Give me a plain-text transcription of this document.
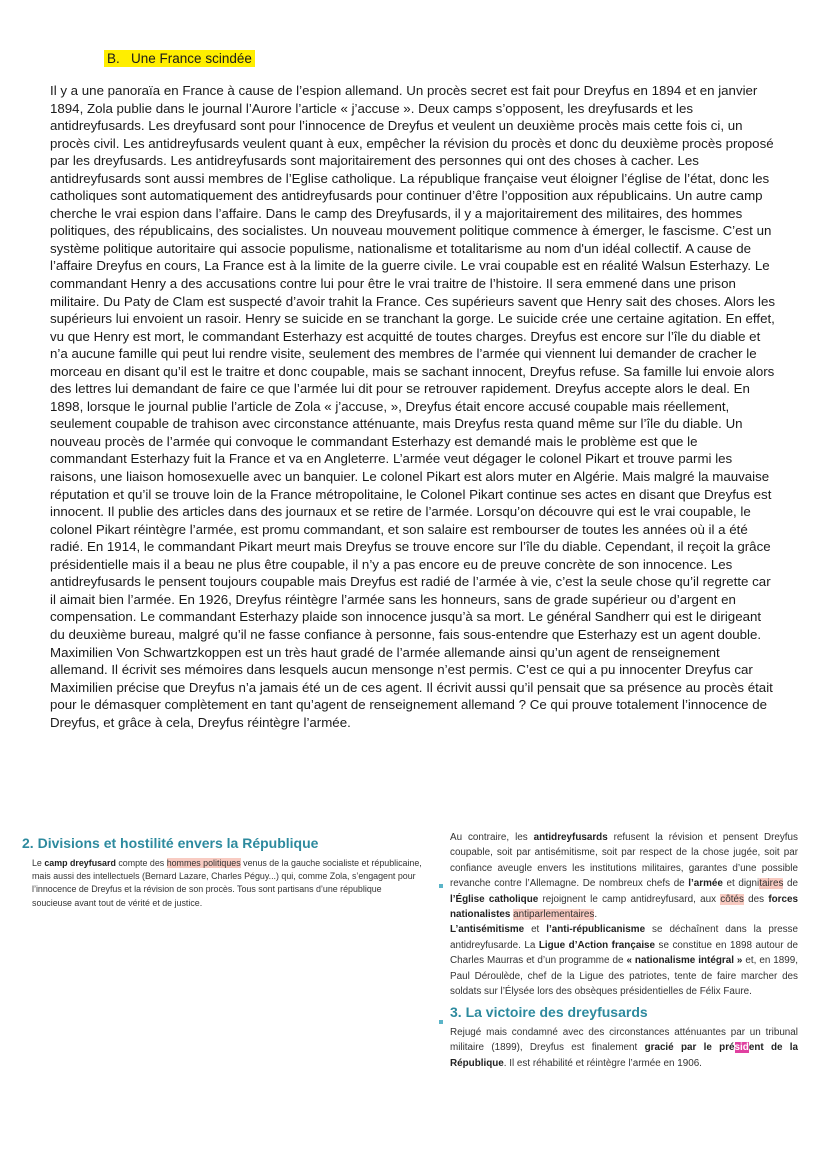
B. Une France scindée

Il y a une panoraïa en France à cause de l’espion allemand. Un procès secret est fait pour Dreyfus en 1894 et en janvier 1894, Zola publie dans le journal l’Aurore l’article « j’accuse ». Deux camps s’opposent, les dreyfusards et les antidreyfusards. Les dreyfusard sont pour l’innocence de Dreyfus et veulent un deuxième procès mais cette fois ci, un procès civil. Les antidreyfusards veulent quant à eux, empêcher la révision du procès et donc du deuxième procès proposé par les dreyfusards. Les antidreyfusards sont majoritairement des personnes qui ont des choses à cacher. Les antidreyfusards sont aussi membres de l’Eglise catholique. La république française veut éloigner l’église de l’état, donc les catholiques sont automatiquement des antidreyfusards pour continuer d’être l’opposition aux républicains. Un autre camp cherche le vrai espion dans l’affaire. Dans le camp des Dreyfusards, il y a majoritairement des militaires, des hommes politiques, des républicains, des socialistes. Un nouveau mouvement politique commence à émerger, le fascisme. C’est un système politique autoritaire qui associe populisme, nationalisme et totalitarisme au nom d'un idéal collectif. A cause de l’affaire Dreyfus en cours, La France est à la limite de la guerre civile. Le vrai coupable est en réalité Walsun Esterhazy. Le commandant Henry a des accusations contre lui pour être le vrai traitre de l’histoire. Il sera emmené dans une prison militaire. Du Paty de Clam est suspecté d’avoir trahit la France. Ces supérieurs savent que Henry sait des choses. Alors les supérieurs lui envoient un rasoir. Henry se suicide en se tranchant la gorge. Le suicide crée une certaine agitation. En effet, vu que Henry est mort, le commandant Esterhazy est acquitté de toutes charges. Dreyfus est encore sur l’île du diable et n’a aucune famille qui peut lui rendre visite, seulement des membres de l’armée qui viennent lui demander de cracher le morceau en disant qu’il est le traitre et donc coupable, mais se sachant innocent, Dreyfus refuse. Sa famille lui envoie alors des lettres lui demandant de faire ce que l’armée lui dit pour se retrouver rapidement. Dreyfus accepte alors le deal. En 1898, lorsque le journal publie l’article de Zola « j’accuse, », Dreyfus était encore accusé coupable mais réellement, seulement coupable de trahison avec circonstance atténuante, mais Dreyfus resta quand même sur l’île du diable. Un nouveau procès de l’armée qui convoque le commandant Esterhazy est demandé mais le problème est que le commandant Esterhazy fuit la France et va en Angleterre. L’armée veut dégager le colonel Pikart et trouve parmi les raisons, une liaison homosexuelle avec un banquier. Le colonel Pikart est alors muter en Algérie. Mais malgré la mauvaise réputation et qu’il se trouve loin de la France métropolitaine, le Colonel Pikart continue ses actes en disant que Dreyfus est innocent. Il publie des articles dans des journaux et se retire de l’armée. Lorsqu’on découvre qui est le vrai coupable, le colonel Pikart réintègre l’armée, est promu commandant, et son salaire est rembourser de toutes les années où il a été radié. En 1914, le commandant Pikart meurt mais Dreyfus se trouve encore sur l’île du diable. Cependant, il reçoit la grâce présidentielle mais il a beau ne plus être coupable, il n’y a pas encore eu de preuve concrète de son innocence. Les antidreyfusards le pensent toujours coupable mais Dreyfus est radié de l’armée à vie, c’est la seule chose qu’il regrette car il aimait bien l’armée. En 1926, Dreyfus réintègre l’armée sans les honneurs, sans de grade supérieur ou d’argent en compensation. Le commandant Esterhazy plaide son innocence jusqu’à sa mort. Le général Sandherr qui est le dirigeant du deuxième bureau, malgré qu’il ne fasse confiance à personne, fais sous-entendre que Esterhazy est un agent double. Maximilien Von Schwartzkoppen est un très haut gradé de l’armée allemande ainsi qu’un agent de renseignement allemand. Il écrivit ses mémoires dans lesquels aucun mensonge n’est permis. C’est ce qui a pu innocenter Dreyfus car Maximilien précise que Dreyfus n’a jamais été un de ces agent. Il écrivit aussi qu’il pensait que sa présence au procès était pour le démasquer complètement en tant qu’agent de renseignement allemand ? Ce qui prouve totalement l’innocence de Dreyfus, et grâce à cela, Dreyfus réintègre l’armée.

2. Divisions et hostilité envers la République

Le camp dreyfusard compte des hommes politiques venus de la gauche socialiste et républicaine, mais aussi des intellectuels (Bernard Lazare, Charles Péguy...) qui, comme Zola, s’engagent pour l’innocence de Dreyfus et la révision de son procès. Tous sont partisans d’une république soucieuse avant tout de vérité et de justice.

Au contraire, les antidreyfusards refusent la révision et pensent Dreyfus coupable, soit par antisémitisme, soit par respect de la chose jugée, soit par confiance aveugle envers les institutions militaires, garantes d’une possible revanche contre l’Allemagne. De nombreux chefs de l’armée et dignitaires de l’Église catholique rejoignent le camp antidreyfusard, aux côtés des forces nationalistes antiparlementaires.

L’antisémitisme et l’anti-républicanisme se déchaînent dans la presse antidreyfusarde. La Ligue d’Action française se constitue en 1898 autour de Charles Maurras et d’un programme de « nationalisme intégral » et, en 1899, Paul Déroulède, chef de la Ligue des patriotes, tente de faire marcher des soldats sur l’Élysée lors des obsèques présidentielles de Félix Faure.

3. La victoire des dreyfusards

Rejugé mais condamné avec des circonstances atténuantes par un tribunal militaire (1899), Dreyfus est finalement gracié par le président de la République. Il est réhabilité et réintègre l’armée en 1906.
